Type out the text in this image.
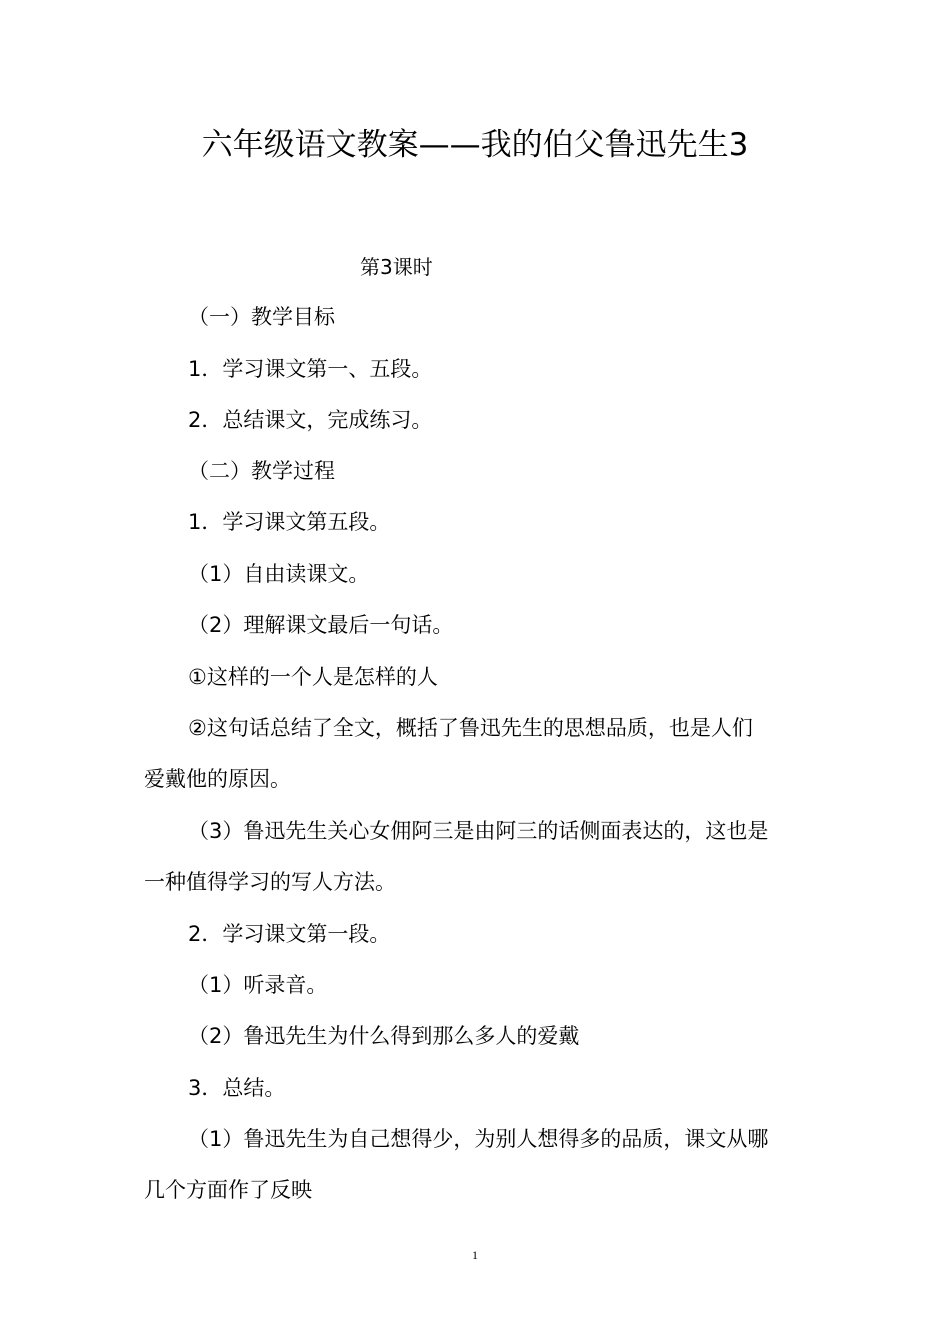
六年级语文教案——我的伯父鲁迅先生3
第3课时
（一）教学目标
1．学习课文第一、五段。
2．总结课文，完成练习。
（二）教学过程
1．学习课文第五段。
（1）自由读课文。
（2）理解课文最后一句话。
①这样的一个人是怎样的人
②这句话总结了全文，概括了鲁迅先生的思想品质，也是人们
爱戴他的原因。
（3）鲁迅先生关心女佣阿三是由阿三的话侧面表达的，这也是
一种值得学习的写人方法。
2．学习课文第一段。
（1）听录音。
（2）鲁迅先生为什么得到那么多人的爱戴
3．总结。
（1）鲁迅先生为自己想得少，为别人想得多的品质，课文从哪
几个方面作了反映
1
